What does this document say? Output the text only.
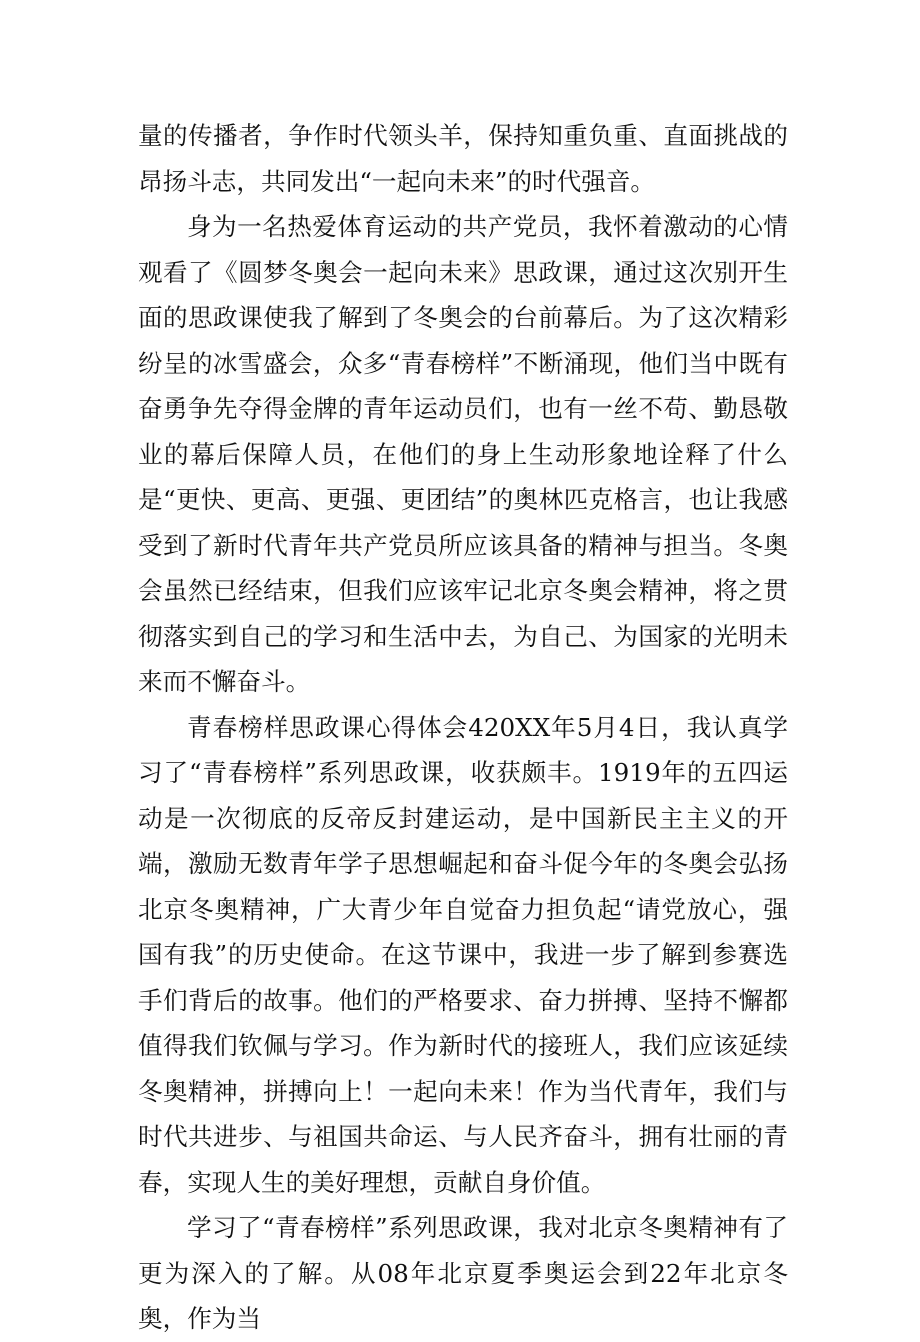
量的传播者，争作时代领头羊，保持知重负重、直面挑战的昂扬斗志，共同发出“一起向未来”的时代强音。

身为一名热爱体育运动的共产党员，我怀着激动的心情观看了《圆梦冬奥会一起向未来》思政课，通过这次别开生面的思政课使我了解到了冬奥会的台前幕后。为了这次精彩纷呈的冰雪盛会，众多“青春榜样”不断涌现，他们当中既有奋勇争先夺得金牌的青年运动员们，也有一丝不苟、勤恳敬业的幕后保障人员，在他们的身上生动形象地诠释了什么是“更快、更高、更强、更团结”的奥林匹克格言，也让我感受到了新时代青年共产党员所应该具备的精神与担当。冬奥会虽然已经结束，但我们应该牢记北京冬奥会精神，将之贯彻落实到自己的学习和生活中去，为自己、为国家的光明未来而不懈奋斗。

青春榜样思政课心得体会420XX年5月4日，我认真学习了“青春榜样”系列思政课，收获颇丰。1919年的五四运动是一次彻底的反帝反封建运动，是中国新民主主义的开端，激励无数青年学子思想崛起和奋斗促今年的冬奥会弘扬北京冬奥精神，广大青少年自觉奋力担负起“请党放心，强国有我”的历史使命。在这节课中，我进一步了解到参赛选手们背后的故事。他们的严格要求、奋力拼搏、坚持不懈都值得我们钦佩与学习。作为新时代的接班人，我们应该延续冬奥精神，拼搏向上！一起向未来！作为当代青年，我们与时代共进步、与祖国共命运、与人民齐奋斗，拥有壮丽的青春，实现人生的美好理想，贡献自身价值。

学习了“青春榜样”系列思政课，我对北京冬奥精神有了更为深入的了解。从08年北京夏季奥运会到22年北京冬奥，作为当
